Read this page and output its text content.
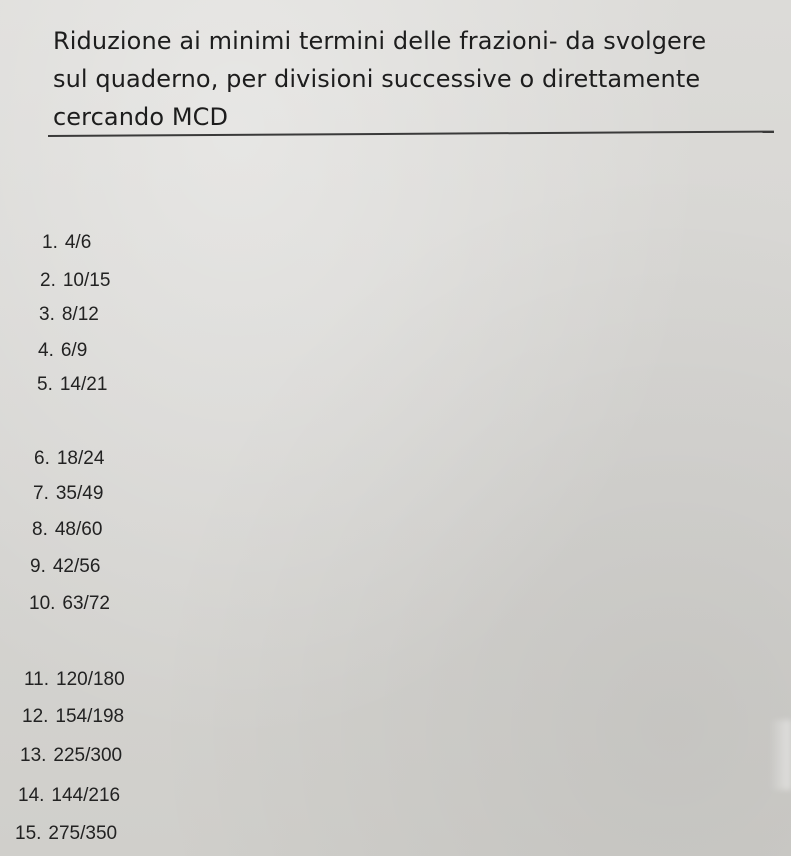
Riduzione ai minimi termini delle frazioni- da svolgere sul quaderno, per divisioni successive o direttamente cercando MCD
1. 4/6
2. 10/15
3. 8/12
4. 6/9
5. 14/21
6. 18/24
7. 35/49
8. 48/60
9. 42/56
10. 63/72
11. 120/180
12. 154/198
13. 225/300
14. 144/216
15. 275/350
